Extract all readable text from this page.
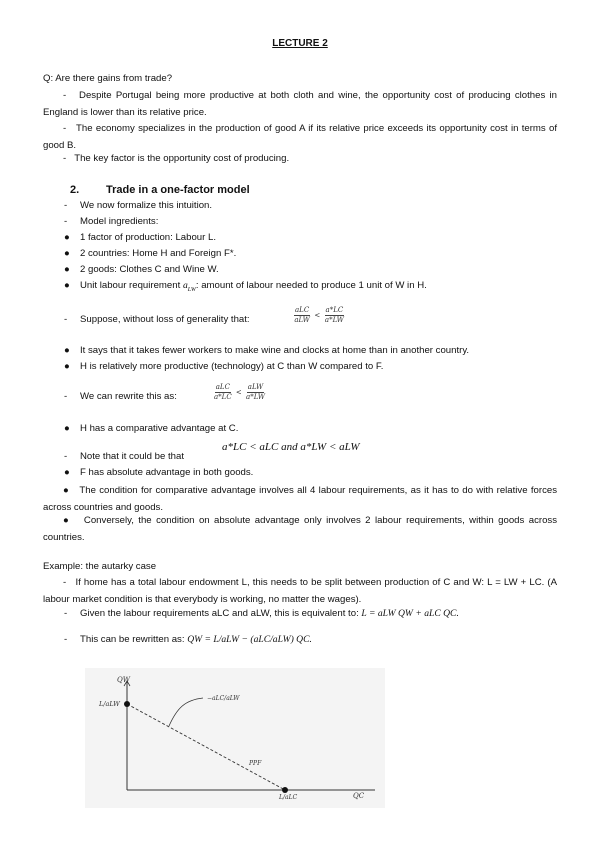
LECTURE 2
Q: Are there gains from trade?
-   Despite Portugal being more productive at both cloth and wine, the opportunity cost of producing clothes in England is lower than its relative price.
-   The economy specializes in the production of good A if its relative price exceeds its opportunity cost in terms of good B.
-   The key factor is the opportunity cost of producing.
2. Trade in a one-factor model
-	We now formalize this intuition.
-	Model ingredients:
●	1 factor of production: Labour L.
●	2 countries: Home H and Foreign F*.
●	2 goods: Clothes C and Wine W.
●	Unit labour requirement $a_{LW}$: amount of labour needed to produce 1 unit of W in H.
-	Suppose, without loss of generality that:	$\frac{\text{aLC}}{\text{aLW}} < \frac{a*LC}{a*LW}$
●	It says that it takes fewer workers to make wine and clocks at home than in another country.
●	H is relatively more productive (technology) at C than W compared to F.
-	We can rewrite this as:	$\frac{\text{aLC}}{a*LC} < \frac{\text{aLW}}{a*LW}$
●	H has a comparative advantage at C.
-	Note that it could be that
a*LC < aLC and a*LW < aLW
●	F has absolute advantage in both goods.
●   The condition for comparative advantage involves all 4 labour requirements, as it has to do with relative forces across countries and goods.
●   Conversely, the condition on absolute advantage only involves 2 labour requirements, within goods across countries.
Example: the autarky case
-   If home has a total labour endowment L, this needs to be split between production of C and W: L = LW + LC. (A labour market condition is that everybody is working, no matter the wages).
-	Given the labour requirements aLC and aLW, this is equivalent to: L = aLW QW + aLC QC.
-	This can be rewritten as: QW = L/aLW − (aLC/aLW) QC.
QW
QC
L/aLW
L/aLC
−aLC/aLW
PPF
